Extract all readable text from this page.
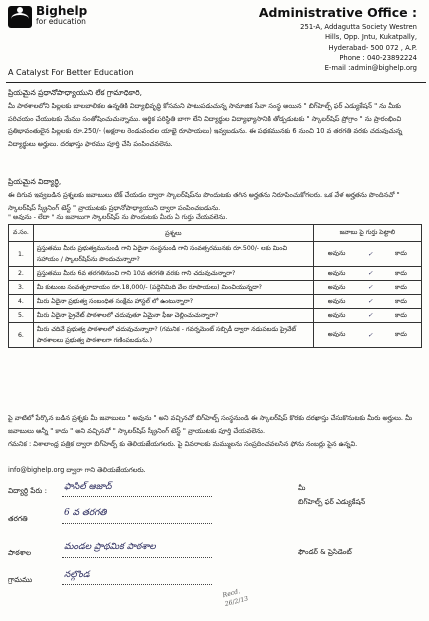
Bighelp
for education
A Catalyst For Better Education
Administrative Office :
251-A, Addagutta Society Westren
Hills, Opp. Jntu, Kukatpally,
Hyderabad- 500 072 , A.P.
Phone : 040-23892224
E-mail :admin@bighelp.org
ప్రియమైన ప్రధానోపాధ్యాయుని లేక గ్రామాధికారి,
మీ పాఠశాలలోని పిల్లలకు బాలబాలికల ఉన్నతికి విద్యాభివృద్ధి కోసమని పాటుపడుచున్న సామాజిక సేవా సంస్థ అయిన " బిగ్‌హెల్ప్ ఫర్ ఎడ్యుకేషన్ " ను మీకు పరిచయం చేయుటకు మేము సంతోషించుచున్నాము. ఆర్థిక పరిస్థితి బాగా లేని విద్యార్థుల విద్యాభ్యాసానికి తోడ్పడుటకు " స్కాలర్‌షిప్ ప్రోగ్రాం " ను ప్రారంభించి ప్రతిభావంతులైన పిల్లలకు రూ.250/- (అక్షరాల రెండువందల యాభై రూపాయలు) ఇవ్వబడును. ఈ పథకమునకు 6 నుంచి 10 వ తరగతి వరకు చదువుచున్న విద్యార్థులు అర్హులు. దరఖాస్తు ఫారము పూర్తి చేసి పంపించవలెను.
ప్రియమైన విద్యార్థి,
ఈ దిగువ ఇవ్వబడిన ప్రశ్నలకు జవాబులు టిక్ చేయడం ద్వారా స్కాలర్‌షిప్‌ను పొందుటకు తగిన అర్హతను నిరూపించుకోగలరు. ఒక వేళ అర్హతను పొందినచో " స్కాలర్‌షిప్ స్క్రీనింగ్ టెస్ట్ " వ్రాయుటకు ప్రధానోపాధ్యాయుని ద్వారా పంపించబడును.
" అవును - లేదా " ను జవాబుగా స్కాలర్‌షిప్ ను పొందుటకు మీరు ఏ గుర్తు చేయవలెను.
వ.సం.	ప్రశ్నలు	జవాబు పై గుర్తు పెట్టాలి
1.	ప్రస్తుతము మీరు ప్రభుత్వమునుండి గాని ఏదైనా సంస్థనుండి గాని సంవత్సరమునకు రూ.500/- లకు మించి సహాయం / స్కాలర్‌షిప్‌ను పొందుచున్నారా?	అవును ✓ కాదు

2.	ప్రస్తుతము మీరు 6వ తరగతినుంచి గాని 10వ తరగతి వరకు గాని చదువుచున్నారా?	అవును ✓ కాదు

3.	మీ కుటుంబ సంవత్సరాదాయం రూ.18,000/- (పద్దెనిమిది వేల రూపాయలు) మించియున్నదా?	అవును ✓ కాదు

4.	మీరు ఏదైనా ప్రభుత్వ సంబంధిత సంక్షేమ హాస్టల్ లో ఉంటున్నారా?	అవును ✓ కాదు

5.	మీరు ఏదైనా ప్రైవేట్ పాఠశాలలో చదువుతూ ఏమైనా ఫీజు చెల్లించుచున్నారా?	అవును ✓ కాదు

6.	మీరు చదివే ప్రభుత్వ పాఠశాలలో చదువుచున్నారా? (గమనిక - గవర్నమెంట్ సబ్సిడీ ద్వారా నడుపబడు ప్రైవేట్ పాఠశాలలు ప్రభుత్వ పాఠశాలగా గణింపబడును.)	అవును ✓ కాదు
పై వాటిలో పేర్కొన బడిన ప్రశ్నకు మీ జవాబులు " అవును " అని వచ్చినచో బిగ్‌హెల్ప్ సంస్థనుండి ఈ స్కాలర్‌షిప్ కొరకు దరఖాస్తు చేసుకొనుటకు మీరు అర్హులు. మీ జవాబులు అన్నీ " కాదు " అని వచ్చినచో " స్కాలర్‌షిప్ స్క్రీనింగ్ టెస్ట్ " వ్రాయుటకు పూర్తి చేయవలెను.
గమనిక : విశాలాంధ్ర పత్రిక ద్వారా బిగ్‌హెల్ప్ కు తెలియజేయగలరు. పై వివరాలకు మమ్ములను సంప్రదించవలసిన ఫోను నంబర్లు పైన ఉన్నవి.
info@bighelp.org ద్వారా గాని తెలియజేయగలరు.
విద్యార్థి పేరు : ఫాసిల్ ఆజాద్
తరగతి
6 వ తరగతి
పాఠశాల
మండల ప్రాథమిక పాఠశాల
గ్రామము	నల్గొండ
మీ
బిగ్‌హెల్ప్ ఫర్ ఎడ్యుకేషన్
ఫౌండర్ & ప్రెసిడెంట్
Recd. 26/2/13
